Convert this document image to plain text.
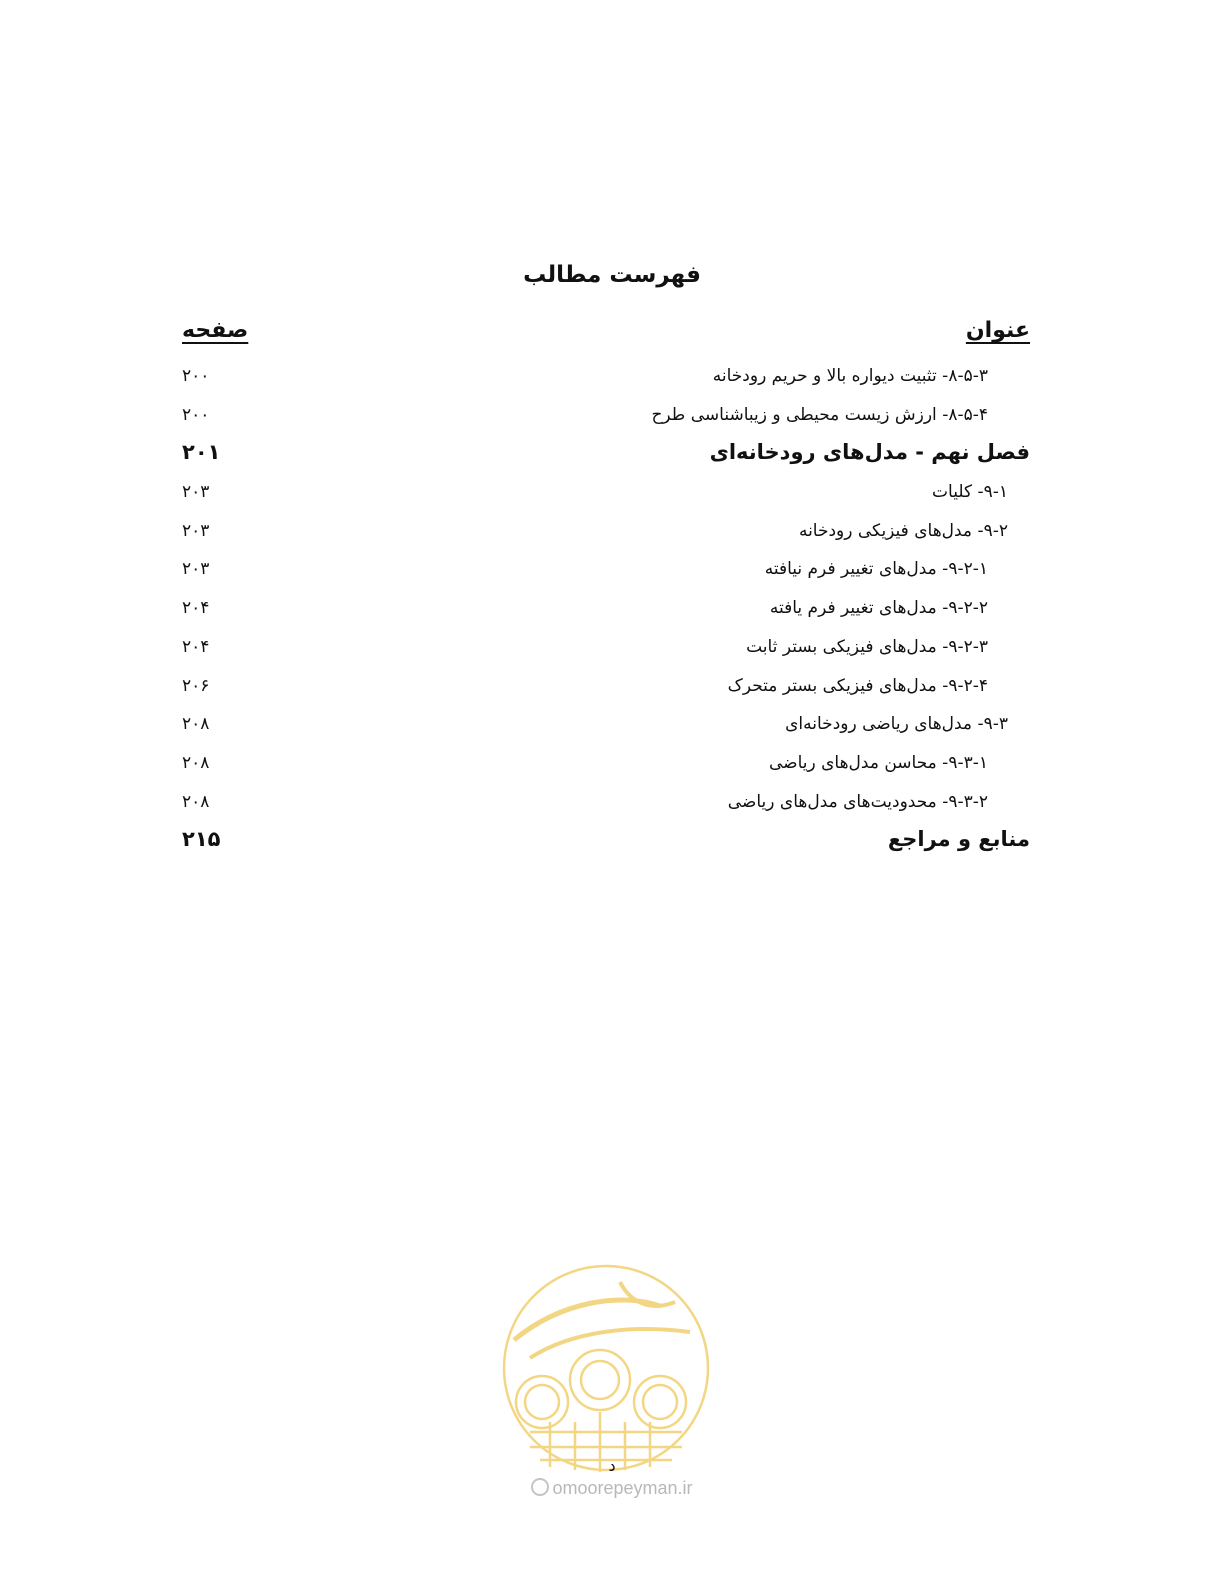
فهرست مطالب
عنوان
صفحه
۸-۵-۳- تثبیت دیواره بالا و حریم رودخانه
۲۰۰
۸-۵-۴- ارزش زیست محیطی و زیباشناسی طرح
۲۰۰
فصل نهم - مدل‌های رودخانه‌ای
۲۰۱
۹-۱- کلیات
۲۰۳
۹-۲- مدل‌های فیزیکی رودخانه
۲۰۳
۹-۲-۱- مدل‌های تغییر فرم نیافته
۲۰۳
۹-۲-۲- مدل‌های تغییر فرم یافته
۲۰۴
۹-۲-۳- مدل‌های فیزیکی بستر ثابت
۲۰۴
۹-۲-۴- مدل‌های فیزیکی بستر متحرک
۲۰۶
۹-۳- مدل‌های ریاضی رودخانه‌ای
۲۰۸
۹-۳-۱- محاسن مدل‌های ریاضی
۲۰۸
۹-۳-۲- محدودیت‌های مدل‌های ریاضی
۲۰۸
منابع و مراجع
۲۱۵
د
omoorepeyman.ir
